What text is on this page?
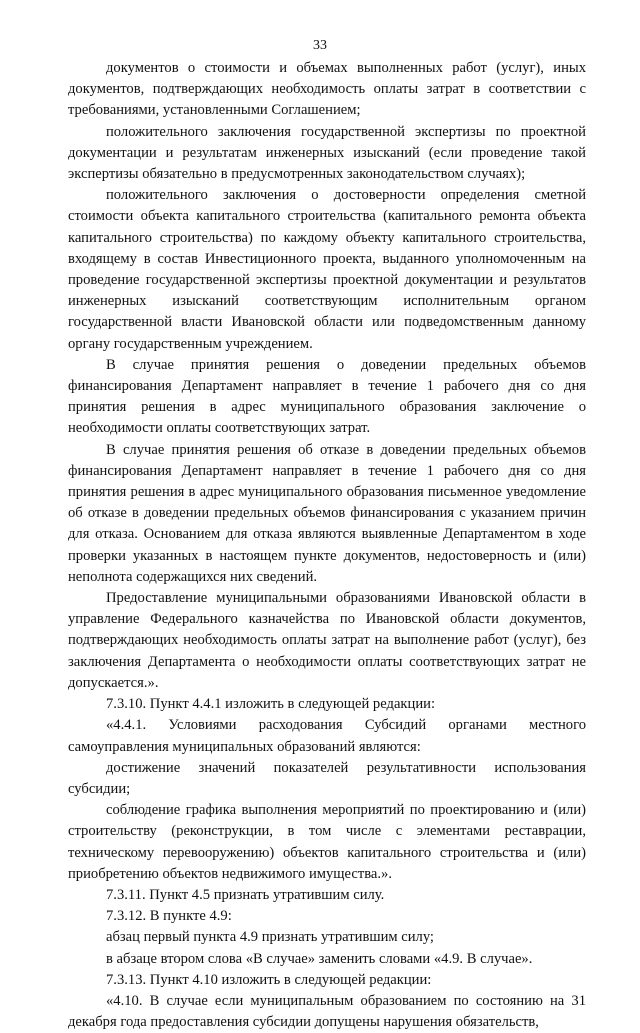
33

документов о стоимости и объемах выполненных работ (услуг), иных документов, подтверждающих необходимость оплаты затрат в соответствии с требованиями, установленными Соглашением;

положительного заключения государственной экспертизы по проектной документации и результатам инженерных изысканий (если проведение такой экспертизы обязательно в предусмотренных законодательством случаях);

положительного заключения о достоверности определения сметной стоимости объекта капитального строительства (капитального ремонта объекта капитального строительства) по каждому объекту капитального строительства, входящему в состав Инвестиционного проекта, выданного уполномоченным на проведение государственной экспертизы проектной документации и результатов инженерных изысканий соответствующим исполнительным органом государственной власти Ивановской области или подведомственным данному органу государственным учреждением.

В случае принятия решения о доведении предельных объемов финансирования Департамент направляет в течение 1 рабочего дня со дня принятия решения в адрес муниципального образования заключение о необходимости оплаты соответствующих затрат.

В случае принятия решения об отказе в доведении предельных объемов финансирования Департамент направляет в течение 1 рабочего дня со дня принятия решения в адрес муниципального образования письменное уведомление об отказе в доведении предельных объемов финансирования с указанием причин для отказа. Основанием для отказа являются выявленные Департаментом в ходе проверки указанных в настоящем пункте документов, недостоверность и (или) неполнота содержащихся них сведений.

Предоставление муниципальными образованиями Ивановской области в управление Федерального казначейства по Ивановской области документов, подтверждающих необходимость оплаты затрат на выполнение работ (услуг), без заключения Департамента о необходимости оплаты соответствующих затрат не допускается.».

7.3.10. Пункт 4.4.1 изложить в следующей редакции:

«4.4.1. Условиями расходования Субсидий органами местного самоуправления муниципальных образований являются:

достижение значений показателей результативности использования субсидии;

соблюдение графика выполнения мероприятий по проектированию и (или) строительству (реконструкции, в том числе с элементами реставрации, техническому перевооружению) объектов капитального строительства и (или) приобретению объектов недвижимого имущества.».

7.3.11. Пункт 4.5 признать утратившим силу.

7.3.12. В пункте 4.9:

абзац первый пункта 4.9 признать утратившим силу;

в абзаце втором слова «В случае» заменить словами «4.9. В случае».

7.3.13. Пункт 4.10 изложить в следующей редакции:

«4.10. В случае если муниципальным образованием по состоянию на 31 декабря года предоставления субсидии допущены нарушения обязательств,
